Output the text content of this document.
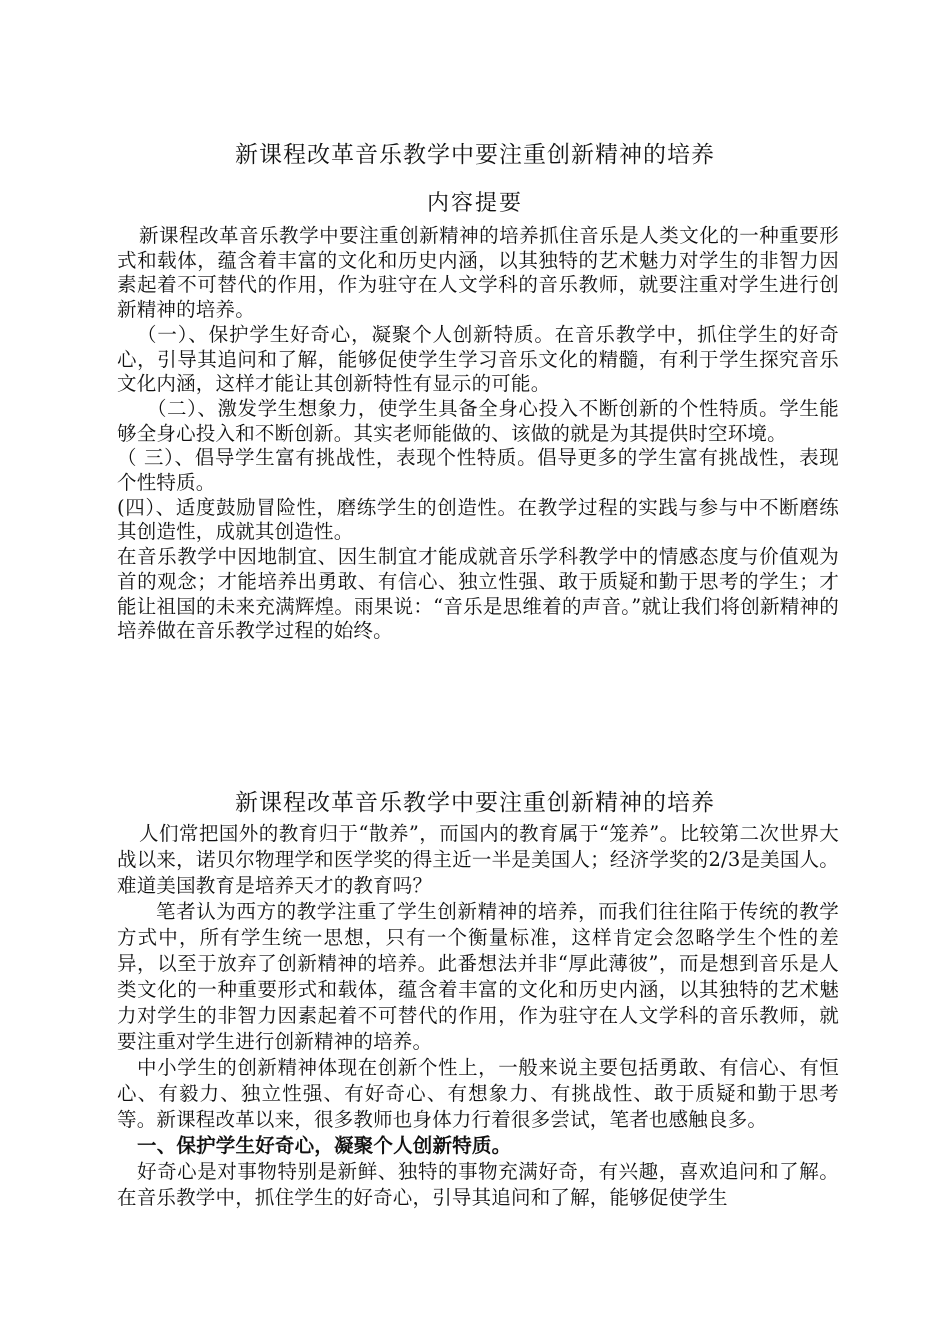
新课程改革音乐教学中要注重创新精神的培养
内容提要

新课程改革音乐教学中要注重创新精神的培养抓住音乐是人类文化的一种重要形式和载体，蕴含着丰富的文化和历史内涵，以其独特的艺术魅力对学生的非智力因素起着不可替代的作用，作为驻守在人文学科的音乐教师，就要注重对学生进行创新精神的培养。

（一）、保护学生好奇心，凝聚个人创新特质。在音乐教学中，抓住学生的好奇心，引导其追问和了解，能够促使学生学习音乐文化的精髓，有利于学生探究音乐文化内涵，这样才能让其创新特性有显示的可能。

（二）、激发学生想象力，使学生具备全身心投入不断创新的个性特质。学生能够全身心投入和不断创新。其实老师能做的、该做的就是为其提供时空环境。

（ 三）、倡导学生富有挑战性，表现个性特质。倡导更多的学生富有挑战性，表现个性特质。

(四）、适度鼓励冒险性，磨练学生的创造性。在教学过程的实践与参与中不断磨练其创造性，成就其创造性。

在音乐教学中因地制宜、因生制宜才能成就音乐学科教学中的情感态度与价值观为首的观念；才能培养出勇敢、有信心、独立性强、敢于质疑和勤于思考的学生；才能让祖国的未来充满辉煌。雨果说：“音乐是思维着的声音。”就让我们将创新精神的培养做在音乐教学过程的始终。

新课程改革音乐教学中要注重创新精神的培养

人们常把国外的教育归于“散养”，而国内的教育属于“笼养”。比较第二次世界大战以来，诺贝尔物理学和医学奖的得主近一半是美国人；经济学奖的2/3是美国人。难道美国教育是培养天才的教育吗？

笔者认为西方的教学注重了学生创新精神的培养，而我们往往陷于传统的教学方式中，所有学生统一思想，只有一个衡量标准，这样肯定会忽略学生个性的差异，以至于放弃了创新精神的培养。此番想法并非“厚此薄彼”，而是想到音乐是人类文化的一种重要形式和载体，蕴含着丰富的文化和历史内涵，以其独特的艺术魅力对学生的非智力因素起着不可替代的作用，作为驻守在人文学科的音乐教师，就要注重对学生进行创新精神的培养。

中小学生的创新精神体现在创新个性上，一般来说主要包括勇敢、有信心、有恒心、有毅力、独立性强、有好奇心、有想象力、有挑战性、敢于质疑和勤于思考等。新课程改革以来，很多教师也身体力行着很多尝试，笔者也感触良多。

一、保护学生好奇心，凝聚个人创新特质。

好奇心是对事物特别是新鲜、独特的事物充满好奇，有兴趣，喜欢追问和了解。在音乐教学中，抓住学生的好奇心，引导其追问和了解，能够促使学生
